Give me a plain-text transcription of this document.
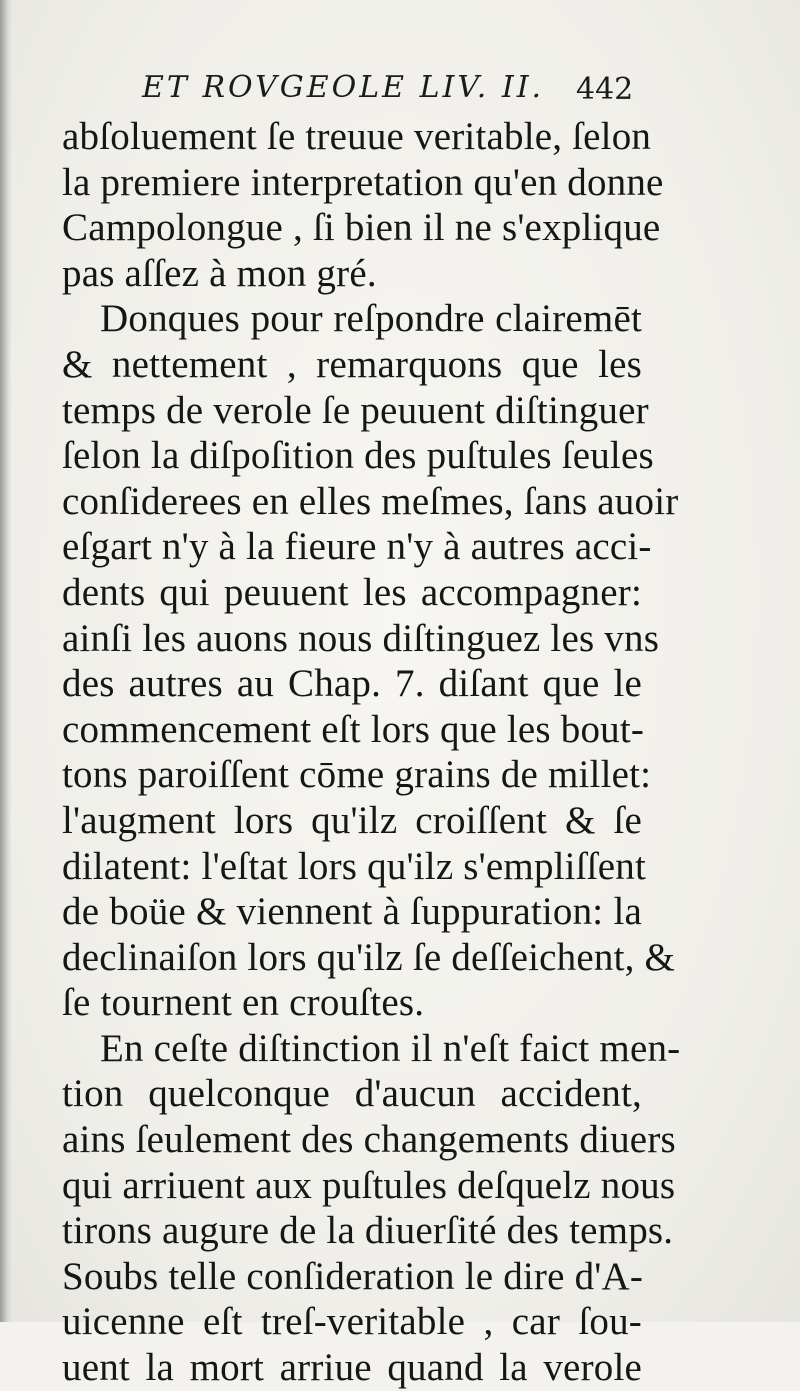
ET ROVGEOLE LIV. II. 442
abſoluement ſe treuue veritable, ſelon
la premiere interpretation qu'en donne
Campolongue , ſi bien il ne s'explique
pas aſſez à mon gré.
Donques pour reſpondre clairemēt
& nettement , remarquons que les
temps de verole ſe peuuent diſtinguer
ſelon la diſpoſition des puſtules ſeules
conſiderees en elles meſmes, ſans auoir
eſgart n'y à la fieure n'y à autres acci-
dents qui peuuent les accompagner:
ainſi les auons nous diſtinguez les vns
des autres au Chap. 7. diſant que le
commencement eſt lors que les bout-
tons paroiſſent cōme grains de millet:
l'augment lors qu'ilz croiſſent & ſe
dilatent: l'eſtat lors qu'ilz s'empliſſent
de boüe & viennent à ſuppuration: la
declinaiſon lors qu'ilz ſe deſſeichent, &
ſe tournent en crouſtes.
En ceſte diſtinction il n'eſt faict men-
tion quelconque d'aucun accident,
ains ſeulement des changements diuers
qui arriuent aux puſtules deſquelz nous
tirons augure de la diuerſité des temps.
Soubs telle conſideration le dire d'A-
uicenne eſt treſ-veritable , car ſou-
uent la mort arriue quand la verole
